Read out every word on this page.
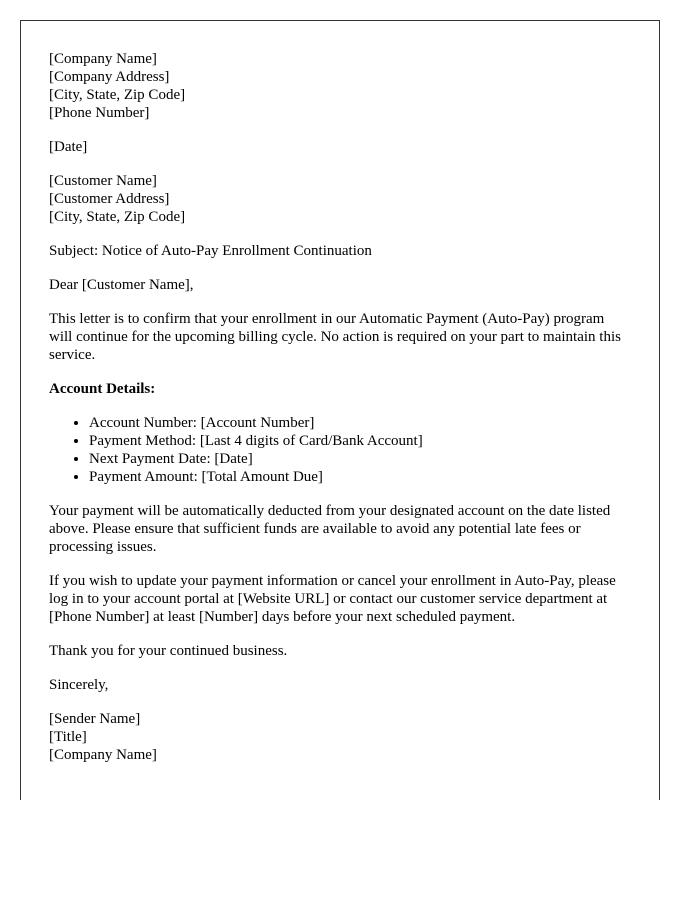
[Company Name]
[Company Address]
[City, State, Zip Code]
[Phone Number]
[Date]
[Customer Name]
[Customer Address]
[City, State, Zip Code]

Subject: Notice of Auto-Pay Enrollment Continuation

Dear [Customer Name],

This letter is to confirm that your enrollment in our Automatic Payment (Auto-Pay) program will continue for the upcoming billing cycle. No action is required on your part to maintain this service.

Account Details:

• Account Number: [Account Number]
• Payment Method: [Last 4 digits of Card/Bank Account]
• Next Payment Date: [Date]
• Payment Amount: [Total Amount Due]

Your payment will be automatically deducted from your designated account on the date listed above. Please ensure that sufficient funds are available to avoid any potential late fees or processing issues.

If you wish to update your payment information or cancel your enrollment in Auto-Pay, please log in to your account portal at [Website URL] or contact our customer service department at [Phone Number] at least [Number] days before your next scheduled payment.

Thank you for your continued business.

Sincerely,

[Sender Name]
[Title]
[Company Name]
